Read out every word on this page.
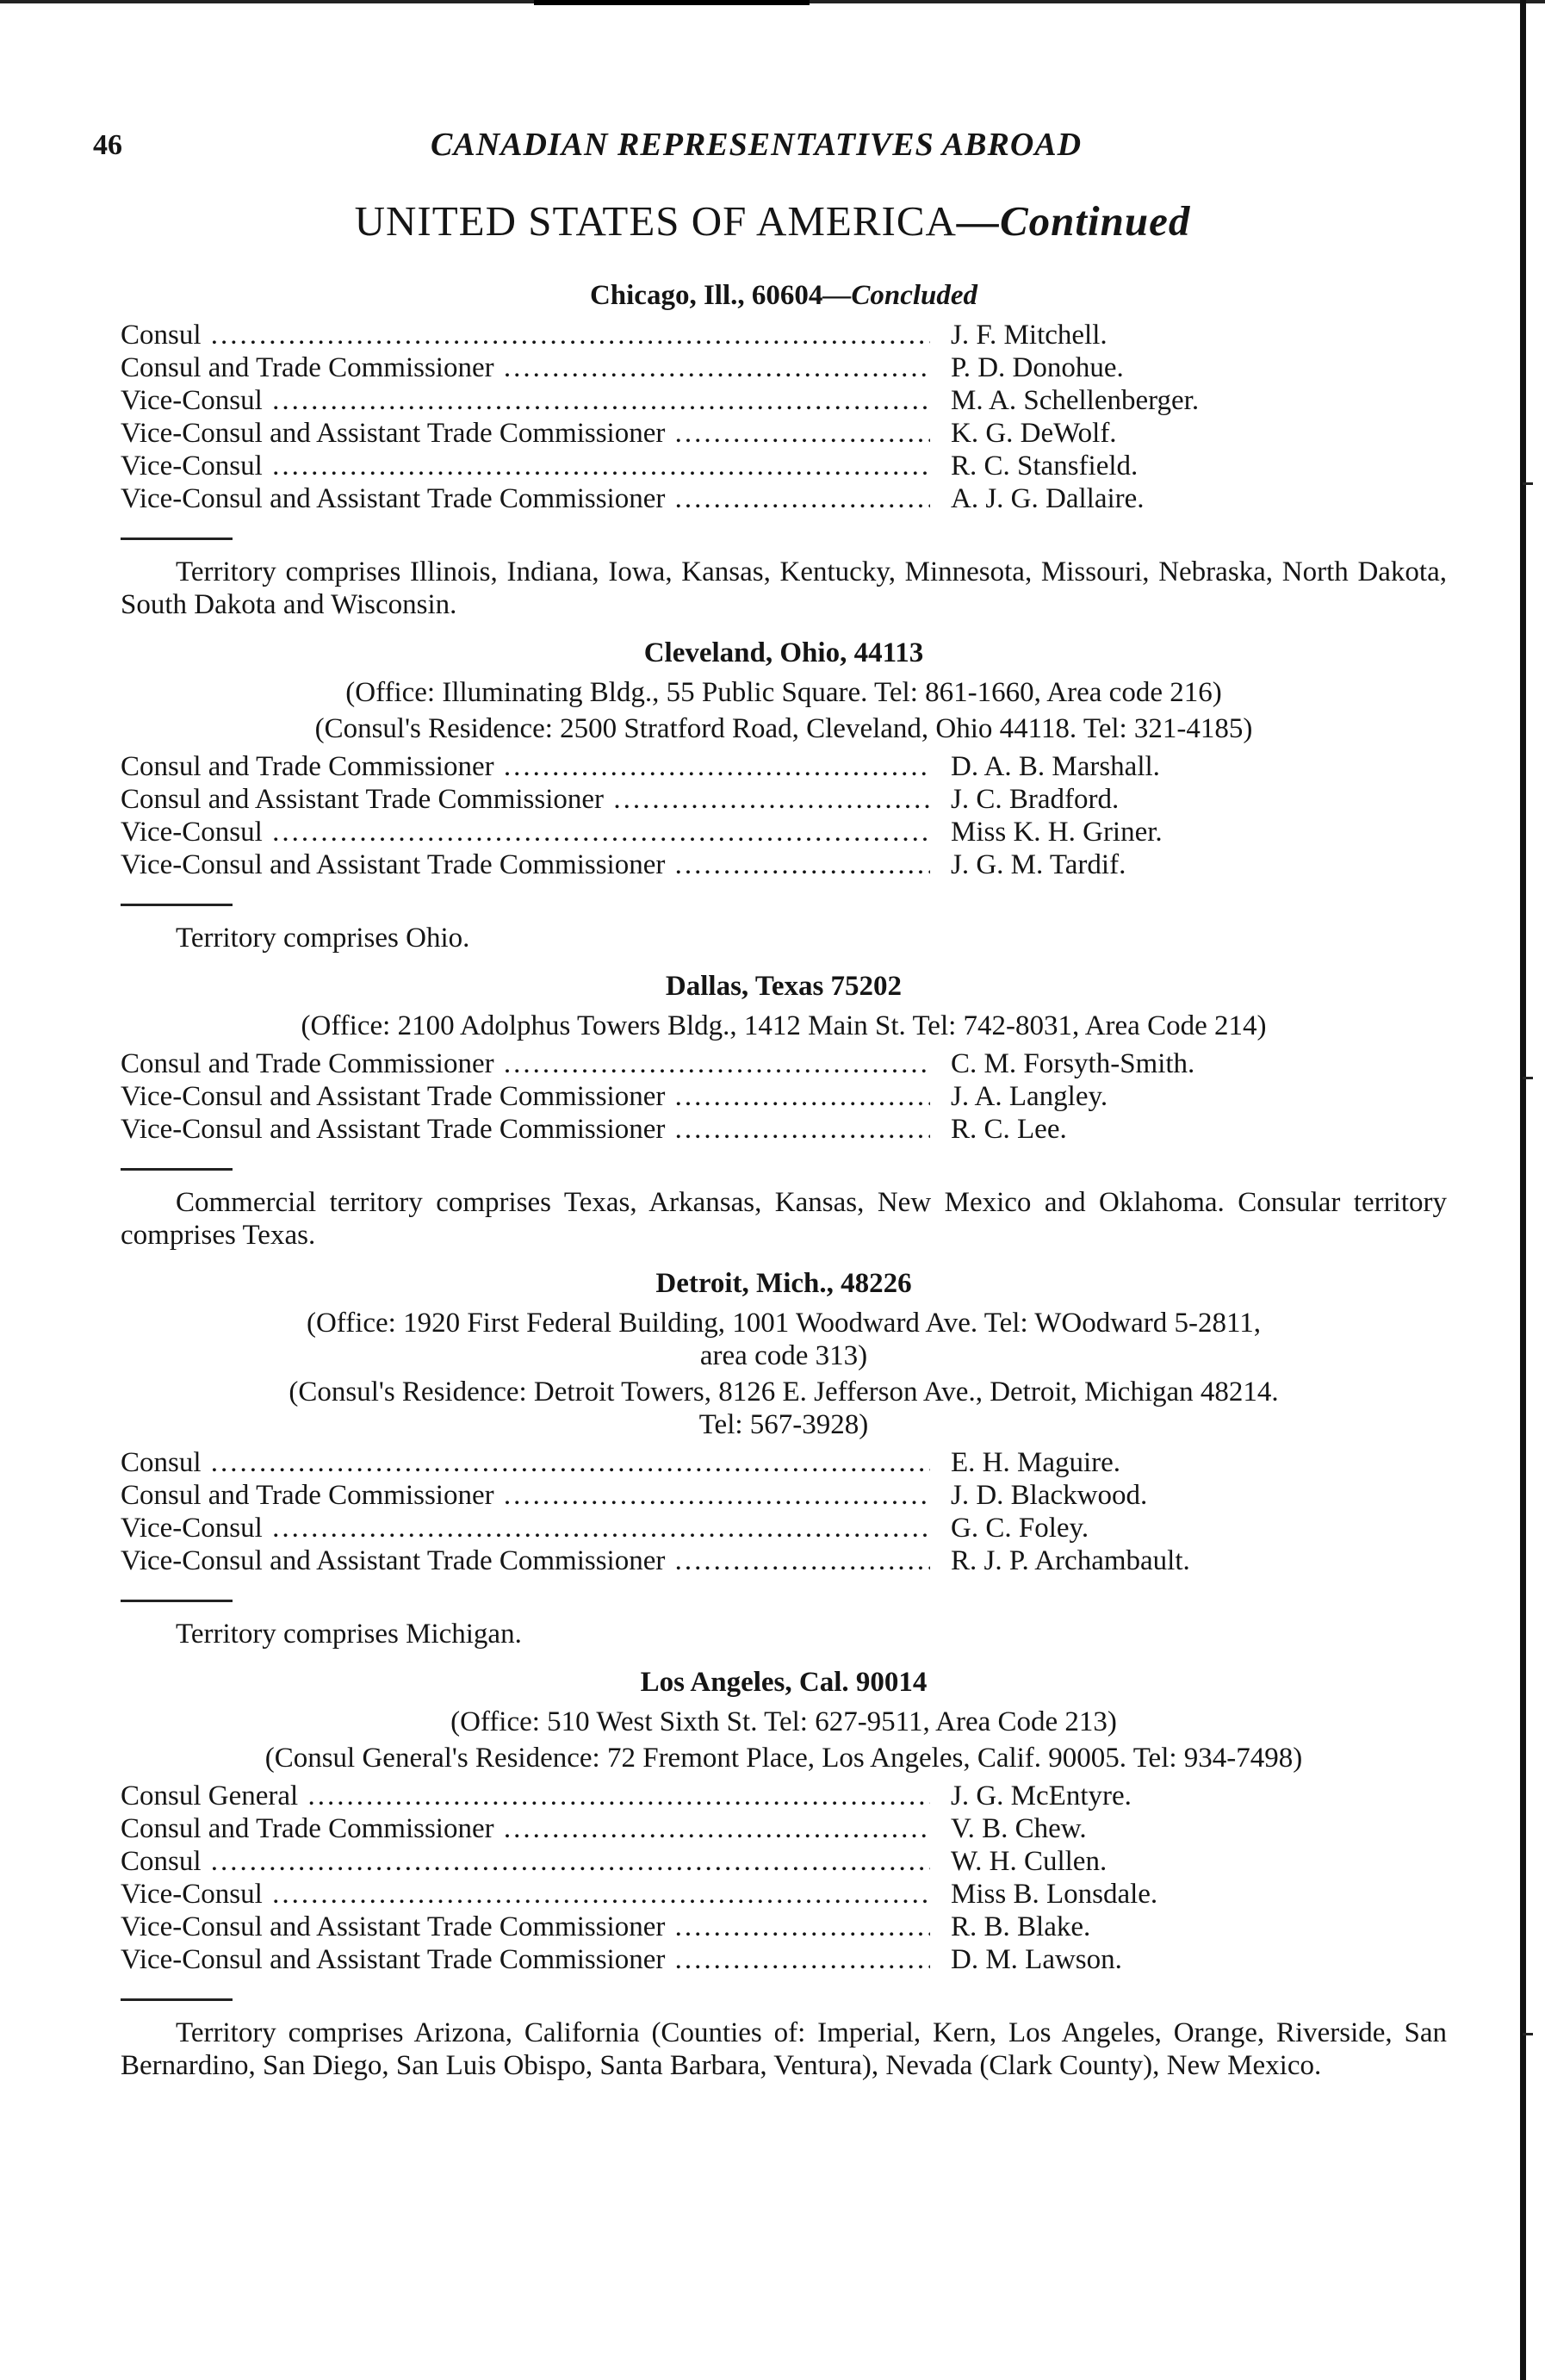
46	CANADIAN REPRESENTATIVES ABROAD
UNITED STATES OF AMERICA—Continued
Chicago, Ill., 60604—Concluded
Consul .....	J. F. Mitchell.
Consul and Trade Commissioner .....	P. D. Donohue.
Vice-Consul .....	M. A. Schellenberger.
Vice-Consul and Assistant Trade Commissioner .....	K. G. DeWolf.
Vice-Consul .....	R. C. Stansfield.
Vice-Consul and Assistant Trade Commissioner .....	A. J. G. Dallaire.
Territory comprises Illinois, Indiana, Iowa, Kansas, Kentucky, Minnesota, Missouri, Nebraska, North Dakota, South Dakota and Wisconsin.
Cleveland, Ohio, 44113
(Office: Illuminating Bldg., 55 Public Square. Tel: 861-1660, Area code 216)
(Consul's Residence: 2500 Stratford Road, Cleveland, Ohio 44118. Tel: 321-4185)
Consul and Trade Commissioner .....	D. A. B. Marshall.
Consul and Assistant Trade Commissioner .....	J. C. Bradford.
Vice-Consul .....	Miss K. H. Griner.
Vice-Consul and Assistant Trade Commissioner .....	J. G. M. Tardif.
Territory comprises Ohio.
Dallas, Texas 75202
(Office: 2100 Adolphus Towers Bldg., 1412 Main St. Tel: 742-8031, Area Code 214)
Consul and Trade Commissioner .....	C. M. Forsyth-Smith.
Vice-Consul and Assistant Trade Commissioner .....	J. A. Langley.
Vice-Consul and Assistant Trade Commissioner .....	R. C. Lee.
Commercial territory comprises Texas, Arkansas, Kansas, New Mexico and Oklahoma. Consular territory comprises Texas.
Detroit, Mich., 48226
(Office: 1920 First Federal Building, 1001 Woodward Ave. Tel: WOodward 5-2811,
area code 313)
(Consul's Residence: Detroit Towers, 8126 E. Jefferson Ave., Detroit, Michigan 48214.
Tel: 567-3928)
Consul .....	E. H. Maguire.
Consul and Trade Commissioner .....	J. D. Blackwood.
Vice-Consul .....	G. C. Foley.
Vice-Consul and Assistant Trade Commissioner .....	R. J. P. Archambault.
Territory comprises Michigan.
Los Angeles, Cal. 90014
(Office: 510 West Sixth St. Tel: 627-9511, Area Code 213)
(Consul General's Residence: 72 Fremont Place, Los Angeles, Calif. 90005. Tel: 934-7498)
Consul General .....	J. G. McEntyre.
Consul and Trade Commissioner .....	V. B. Chew.
Consul .....	W. H. Cullen.
Vice-Consul .....	Miss B. Lonsdale.
Vice-Consul and Assistant Trade Commissioner .....	R. B. Blake.
Vice-Consul and Assistant Trade Commissioner .....	D. M. Lawson.
Territory comprises Arizona, California (Counties of: Imperial, Kern, Los Angeles, Orange, Riverside, San Bernardino, San Diego, San Luis Obispo, Santa Barbara, Ventura), Nevada (Clark County), New Mexico.
